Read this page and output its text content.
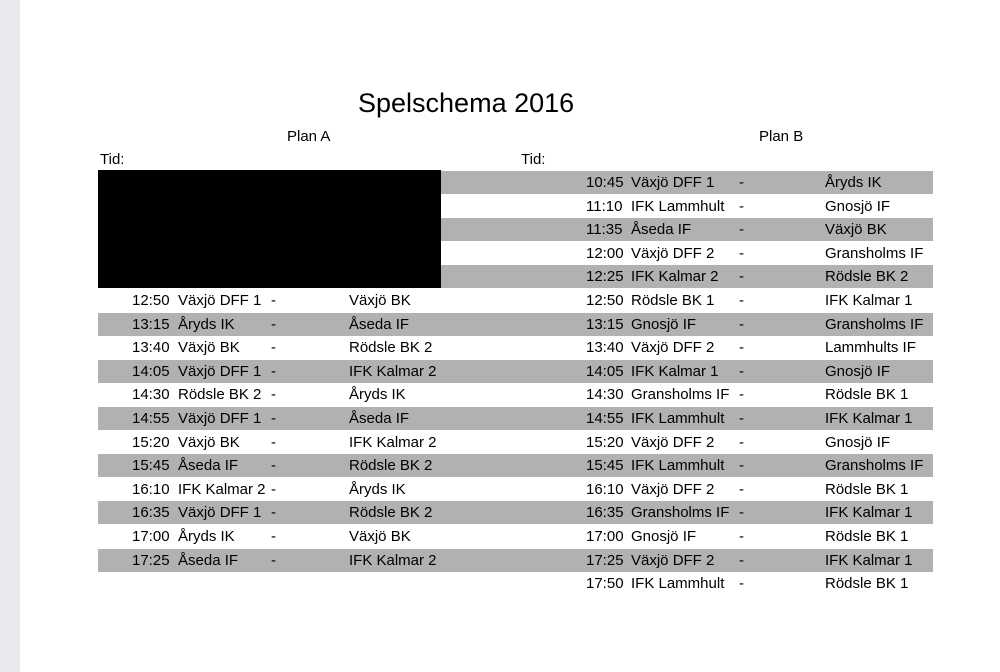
Spelschema 2016
Plan A	Plan B
Tid:	Tid:
12:50 Växjö DFF 1 -	Växjö BK
13:15 Åryds IK -	Åseda IF
13:40 Växjö BK -	Rödsle BK 2
14:05 Växjö DFF 1 -	IFK Kalmar 2
14:30 Rödsle BK 2 -	Åryds IK
14:55 Växjö DFF 1 -	Åseda IF
15:20 Växjö BK -	IFK Kalmar 2
15:45 Åseda IF -	Rödsle BK 2
16:10 IFK Kalmar 2 -	Åryds IK
16:35 Växjö DFF 1 -	Rödsle BK 2
17:00 Åryds IK -	Växjö BK
17:25 Åseda IF -	IFK Kalmar 2
10:45 Växjö DFF 1 -	Åryds IK
11:10 IFK Lammhult -	Gnosjö IF
11:35 Åseda IF	-	Växjö BK
12:00 Växjö DFF 2 -	Gransholms IF
12:25 IFK Kalmar 2 -	Rödsle BK 2
12:50 Rödsle BK 1 -	IFK Kalmar 1
13:15 Gnosjö IF	-	Gransholms IF
13:40 Växjö DFF 2 -	Lammhults IF
14:05 IFK Kalmar 1 -	Gnosjö IF
14:30 Gransholms IF -	Rödsle BK 1
14:55 IFK Lammhult -	IFK Kalmar 1
15:20 Växjö DFF 2 -	Gnosjö IF
15:45 IFK Lammhult -	Gransholms IF
16:10 Växjö DFF 2 -	Rödsle BK 1
16:35 Gransholms IF -	IFK Kalmar 1
17:00 Gnosjö IF	-	Rödsle BK 1
17:25 Växjö DFF 2 -	IFK Kalmar 1
17:50 IFK Lammhult -	Rödsle BK 1
